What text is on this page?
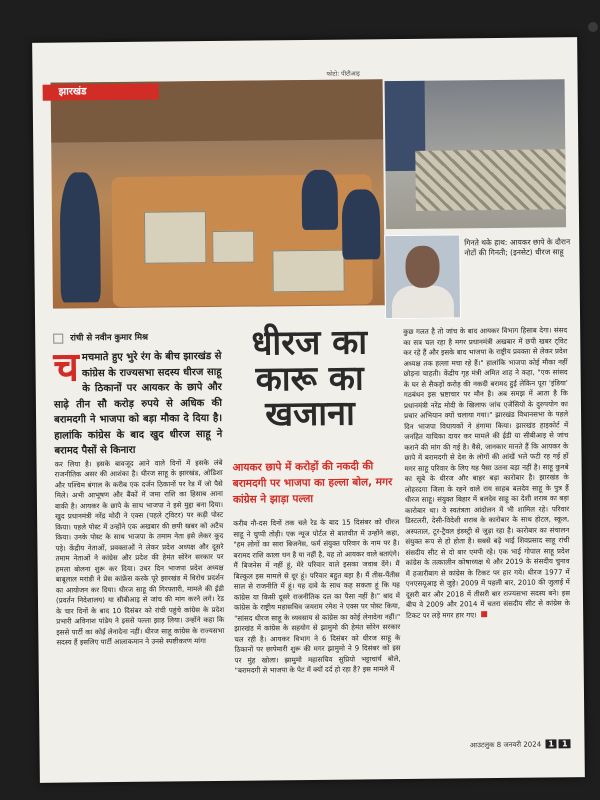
झारखंड
फोटो: पीटीआइ
गिनते थके हाथ: आयकर छापे के दौरान नोटों की गिनती; (इनसेट) धीरज साहू
रांची से नवीन कुमार मिश्र
च मचमाते हुए भुरे रंग के बीच झारखंड से कांग्रेस के राज्यसभा सदस्य धीरज साहू के ठिकानों पर आयकर के छापे और साढ़े तीन सौ करोड़ रुपये से अधिक की बरामदगी ने भाजपा को बड़ा मौका दे दिया है। हालांकि कांग्रेस के बाद खुद धीरज साहू ने बरामद पैसों से किनारा
कर लिया है। इसके बावजूद आने वाले दिनों में इसके लंबे राजनीतिक असर की आशंका है। धीरज साहू के झारखंड, ओडिशा और पश्चिम बंगाल के करीब एक दर्जन ठिकानों पर रेड में जो पैसे मिले। अभी आभूषण और बैंकों में जमा राशि का हिसाब आना बाकी है। आयकर के छापे के साथ भाजपा ने इसे मुद्दा बना दिया। खुद प्रधानमंत्री नरेंद्र मोदी ने एक्स (पहले ट्विटर) पर कड़ी पोस्ट किया। पहले पोस्ट में उन्होंने एक अखबार की छपी खबर को अटैच किया। उनके पोस्ट के साथ भाजपा के तमाम नेता इसे लेकर कूद पड़े। केंद्रीय नेताओं, प्रवक्ताओं ने लेकर प्रदेश अध्यक्ष और दूसरे तमाम नेताओं ने कांग्रेस और प्रदेश की हेमंत सोरेन सरकार पर हमला बोलना शुरू कर दिया। उधर दिन भाजपा प्रदेश अध्यक्ष बाबूलाल मरांडी ने प्रेस कांफ्रेंस करके पूरे झारखंड में विरोध प्रदर्शन का आयोजन कर दिया। धीरज साहू की गिरफ्तारी, मामले की ईडी (प्रवर्तन निदेशालय) या सीबीआइ से जांच की मांग करने लगे। रेड के चार दिनों के बाद 10 दिसंबर को रांची पहुंचे कांग्रेस के प्रदेश प्रभारी अविनाश पांडेय ने इससे पल्ला झाड़ लिया। उन्होंने कहा कि इससे पार्टी का कोई लेनादेना नहीं। धीरज साहू कांग्रेस के राज्यसभा सदस्य हैं इसलिए पार्टी आलाकमान ने उनसे स्पष्टीकरण मांगा
धीरज का
कारू का
खजाना
आयकर छापे में करोड़ों की नकदी की बरामदगी पर भाजपा का हल्ला बोल, मगर कांग्रेस ने झाड़ा पल्ला
करीब नौ-दस दिनों तक चले रेड के बाद 15 दिसंबर को धीरज साहू ने चुप्पी तोड़ी। एक न्यूज पोर्टल से बातचीत में उन्होंने कहा, "हम लोगों का सारा बिजनेस, फर्म संयुक्त परिवार के नाम पर है। बरामद राशि काला धन है या नहीं है, यह तो आयकर वाले बताएंगे। मैं बिजनेस में नहीं हूं, मेरे परिवार वाले इसका जवाब देंगे। मैं बिल्कुल इस मामले से दूर हूं। परिवार बहुत बड़ा है। मैं तीस-पैंतीस साल से राजनीति में हूं। यह दावे के साथ कह सकता हूं कि यह कांग्रेस या किसी दूसरे राजनीतिक दल का पैसा नहीं है।" बाद में कांग्रेस के राष्ट्रीय महासचिव जयराम रमेश ने एक्स पर पोस्ट किया, "सांसद धीरज साहू के व्यवसाय से कांग्रेस का कोई लेनादेना नहीं।" झारखंड में कांग्रेस के सहयोग से झामुमो की हेमंत सोरेन सरकार चल रही है। आयकर विभाग ने 6 दिसंबर को धीरज साहू के ठिकानों पर छापेमारी शुरू की मगर झामुमो ने 9 दिसंबर को इस पर मुंह खोला। झामुमो महासचिव सुप्रियो भट्टाचार्य बोले, "बरामदगी से भाजपा के पेट में क्यों दर्द हो रहा है? इस मामले में
कुछ गलत है तो जांच के बाद आयकर विभाग हिसाब देगा। संसद का सत्र चल रहा है मगर प्रधानमंत्री अखबार में छपी खबर ट्विट कर रहे हैं और इसके बाद भाजपा के राष्ट्रीय प्रवक्ता से लेकर प्रदेश अध्यक्ष तक हल्ला मचा रहे हैं।" हालांकि भाजपा कोई मौका नहीं छोड़ना चाहती। केंद्रीय गृह मंत्री अमित शाह ने कहा, "एक सांसद के घर से सैकड़ों करोड़ की नकदी बरामद हुई लेकिन पूरा 'इंडिया' गठबंधन इस भ्रष्टाचार पर मौन है। अब समझ में आता है कि प्रधानमंत्री नरेंद्र मोदी के खिलाफ जांच एजेंसियों के दुरुपयोग का प्रचार अभियान क्यों चलाया गया।" झारखंड विधानसभा के पहले दिन भाजपा विधायकों ने हंगामा किया। झारखंड हाइकोर्ट में जनहित याचिका दायर कर मामले की ईडी या सीबीआइ से जांच कराने की मांग की गई है। वैसे, जानकार मानते हैं कि आयकर के छापे में बरामदगी से देश के लोगों की आंखें भले फटी रह गई हों मगर साहू परिवार के लिए यह पैसा उतना बड़ा नहीं है। साहू कुनबे का सूबे के धीरज और बाहर बड़ा कारोबार है। झारखंड के लोहरदगा जिला के रहने वाले राय साहब बलदेव साहू के पुत्र हैं धीरज साहू। संयुक्त बिहार में बलदेव साहू का देशी शराब का बड़ा कारोबार था। वे स्वतंत्रता आंदोलन में भी शामिल रहे। परिवार डिस्टलरी, देसी-विदेशी शराब के कारोबार के साथ होटल, स्कूल, अस्पताल, टूर-ट्रैवल इंडस्ट्री से जुड़ा रहा है। कारोबार का संचालन संयुक्त रूप से हो होता है। सबसे बड़े भाई शिवप्रसाद साहू रांची संसदीय सीट से दो बार एमपी रहे। एक भाई गोपाल साहू प्रदेश कांग्रेस के तत्कालीन कोषाध्यक्ष थे और 2019 के संसदीय चुनाव में हजारीबाग से कांग्रेस के टिकट पर हार गये। धीरज 1977 में एनएसयूआइ से जुड़े। 2009 में पहली बार, 2010 की जुलाई में दूसरी बार और 2018 में तीसरी बार राज्यसभा सदस्य बने। इस बीच वे 2009 और 2014 में चतरा संसदीय सीट से कांग्रेस के टिकट पर लड़े मगर हार गए।
आउटलुक 8 जनवरी 2024 1 1
